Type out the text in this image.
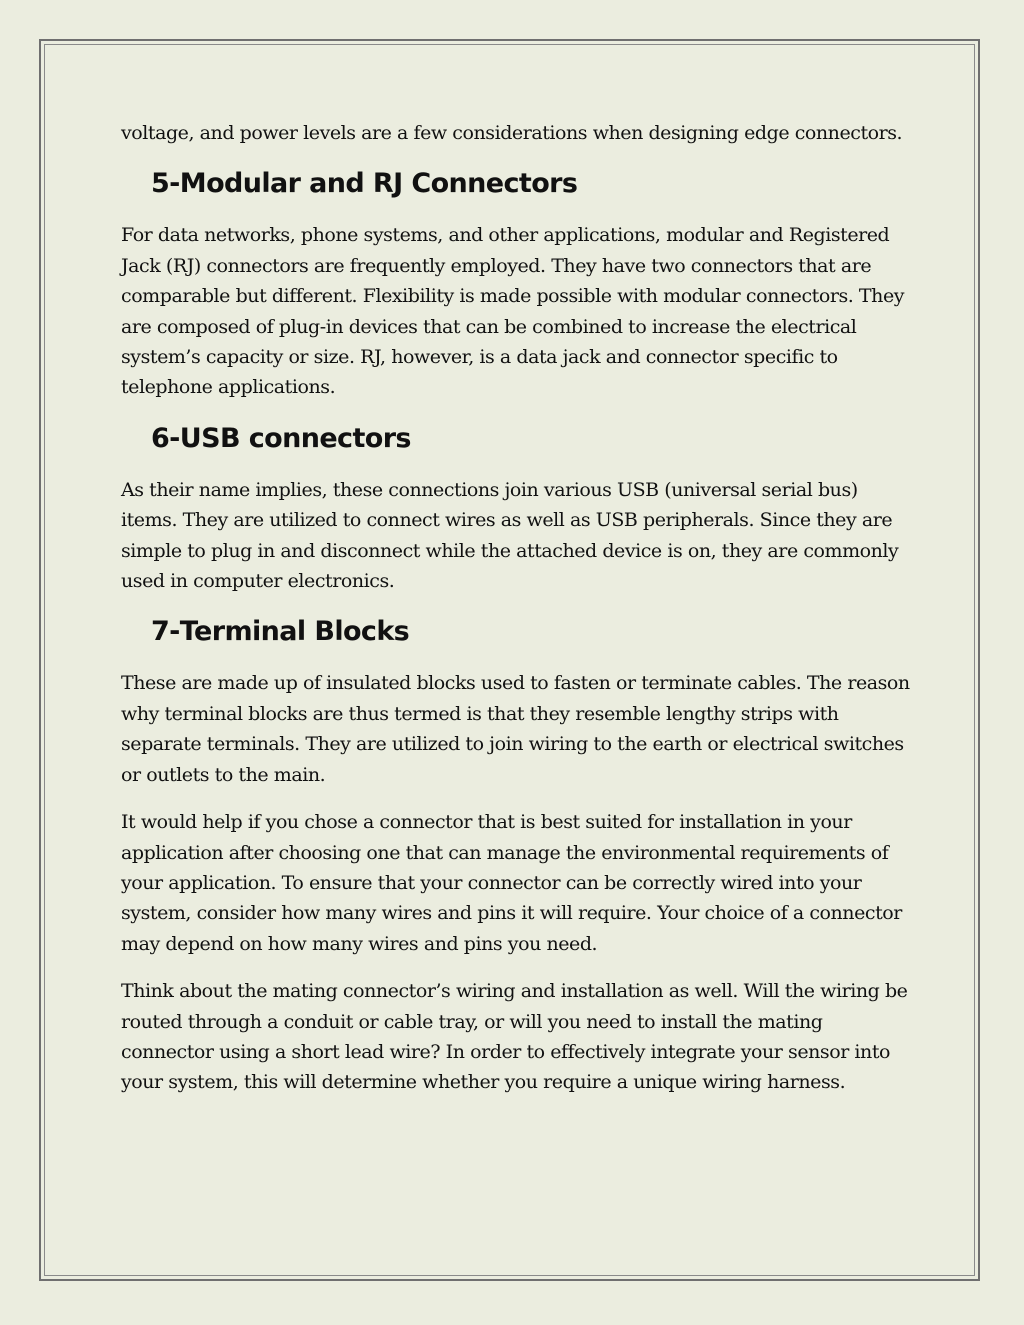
voltage, and power levels are a few considerations when designing edge connectors.

5-Modular and RJ Connectors

For data networks, phone systems, and other applications, modular and Registered Jack (RJ) connectors are frequently employed. They have two connectors that are comparable but different. Flexibility is made possible with modular connectors. They are composed of plug-in devices that can be combined to increase the electrical system’s capacity or size. RJ, however, is a data jack and connector specific to telephone applications.

6-USB connectors

As their name implies, these connections join various USB (universal serial bus) items. They are utilized to connect wires as well as USB peripherals. Since they are simple to plug in and disconnect while the attached device is on, they are commonly used in computer electronics.

7-Terminal Blocks

These are made up of insulated blocks used to fasten or terminate cables. The reason why terminal blocks are thus termed is that they resemble lengthy strips with separate terminals. They are utilized to join wiring to the earth or electrical switches or outlets to the main.

It would help if you chose a connector that is best suited for installation in your application after choosing one that can manage the environmental requirements of your application. To ensure that your connector can be correctly wired into your system, consider how many wires and pins it will require. Your choice of a connector may depend on how many wires and pins you need.

Think about the mating connector’s wiring and installation as well. Will the wiring be routed through a conduit or cable tray, or will you need to install the mating connector using a short lead wire? In order to effectively integrate your sensor into your system, this will determine whether you require a unique wiring harness.
